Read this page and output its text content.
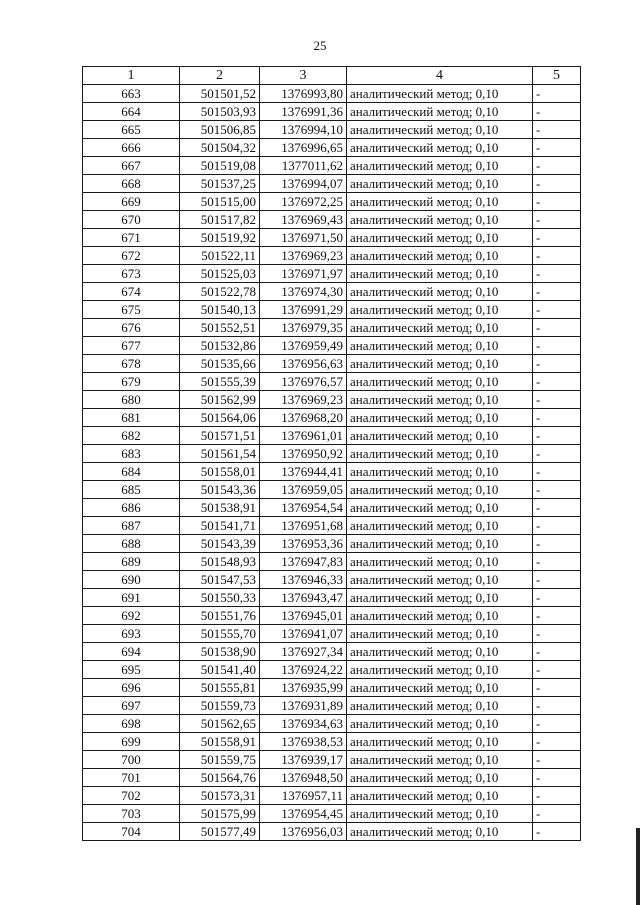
25
1	2	3	4	5
663	501501,52	1376993,80	аналитический метод; 0,10	-
664	501503,93	1376991,36	аналитический метод; 0,10	-
665	501506,85	1376994,10	аналитический метод; 0,10	-
666	501504,32	1376996,65	аналитический метод; 0,10	-
667	501519,08	1377011,62	аналитический метод; 0,10	-
668	501537,25	1376994,07	аналитический метод; 0,10	-
669	501515,00	1376972,25	аналитический метод; 0,10	-
670	501517,82	1376969,43	аналитический метод; 0,10	-
671	501519,92	1376971,50	аналитический метод; 0,10	-
672	501522,11	1376969,23	аналитический метод; 0,10	-
673	501525,03	1376971,97	аналитический метод; 0,10	-
674	501522,78	1376974,30	аналитический метод; 0,10	-
675	501540,13	1376991,29	аналитический метод; 0,10	-
676	501552,51	1376979,35	аналитический метод; 0,10	-
677	501532,86	1376959,49	аналитический метод; 0,10	-
678	501535,66	1376956,63	аналитический метод; 0,10	-
679	501555,39	1376976,57	аналитический метод; 0,10	-
680	501562,99	1376969,23	аналитический метод; 0,10	-
681	501564,06	1376968,20	аналитический метод; 0,10	-
682	501571,51	1376961,01	аналитический метод; 0,10	-
683	501561,54	1376950,92	аналитический метод; 0,10	-
684	501558,01	1376944,41	аналитический метод; 0,10	-
685	501543,36	1376959,05	аналитический метод; 0,10	-
686	501538,91	1376954,54	аналитический метод; 0,10	-
687	501541,71	1376951,68	аналитический метод; 0,10	-
688	501543,39	1376953,36	аналитический метод; 0,10	-
689	501548,93	1376947,83	аналитический метод; 0,10	-
690	501547,53	1376946,33	аналитический метод; 0,10	-
691	501550,33	1376943,47	аналитический метод; 0,10	-
692	501551,76	1376945,01	аналитический метод; 0,10	-
693	501555,70	1376941,07	аналитический метод; 0,10	-
694	501538,90	1376927,34	аналитический метод; 0,10	-
695	501541,40	1376924,22	аналитический метод; 0,10	-
696	501555,81	1376935,99	аналитический метод; 0,10	-
697	501559,73	1376931,89	аналитический метод; 0,10	-
698	501562,65	1376934,63	аналитический метод; 0,10	-
699	501558,91	1376938,53	аналитический метод; 0,10	-
700	501559,75	1376939,17	аналитический метод; 0,10	-
701	501564,76	1376948,50	аналитический метод; 0,10	-
702	501573,31	1376957,11	аналитический метод; 0,10	-
703	501575,99	1376954,45	аналитический метод; 0,10	-
704	501577,49	1376956,03	аналитический метод; 0,10	-
